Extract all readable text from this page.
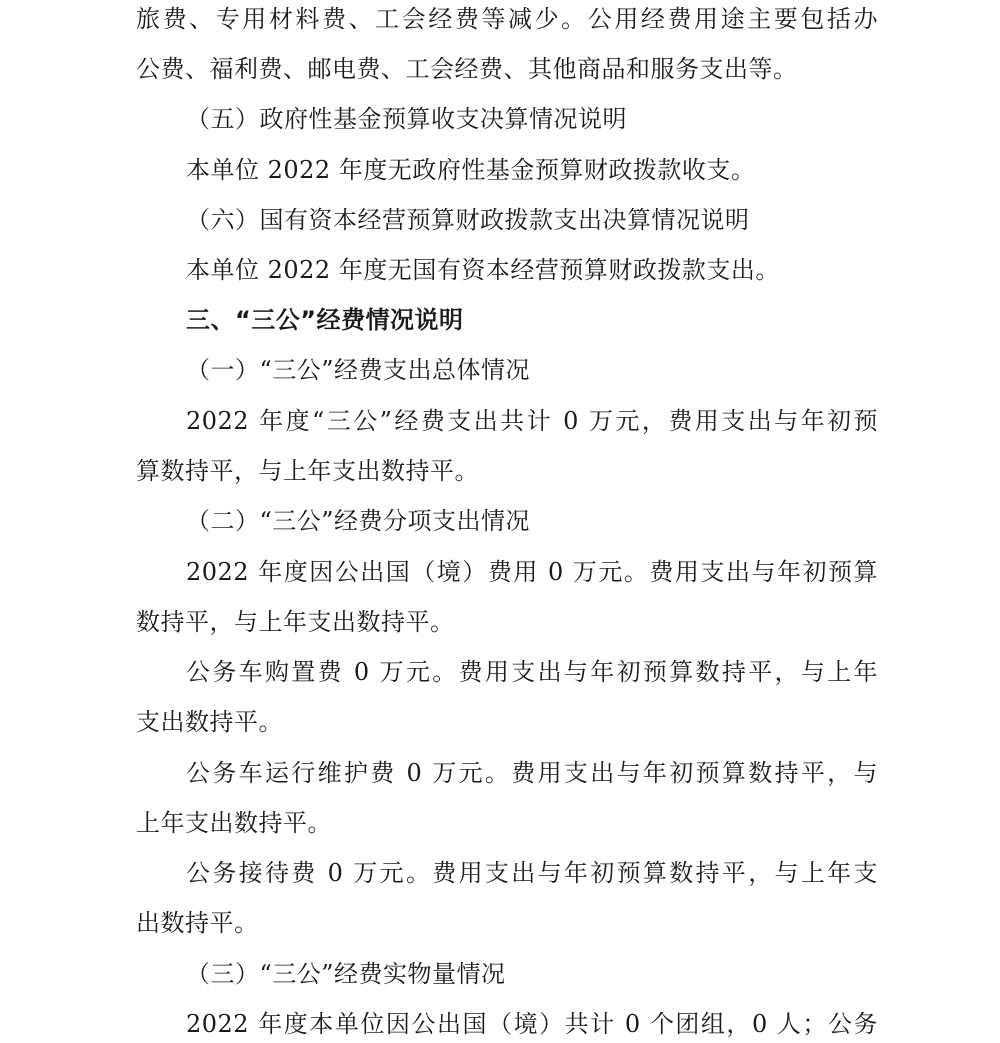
旅费、专用材料费、工会经费等减少。公用经费用途主要包括办
公费、福利费、邮电费、工会经费、其他商品和服务支出等。
（五）政府性基金预算收支决算情况说明
本单位 2022 年度无政府性基金预算财政拨款收支。
（六）国有资本经营预算财政拨款支出决算情况说明
本单位 2022 年度无国有资本经营预算财政拨款支出。
三、“三公”经费情况说明
（一）“三公”经费支出总体情况
2022 年度“三公”经费支出共计 0 万元，费用支出与年初预
算数持平，与上年支出数持平。
（二）“三公”经费分项支出情况
2022 年度因公出国（境）费用 0 万元。费用支出与年初预算
数持平，与上年支出数持平。
公务车购置费 0 万元。费用支出与年初预算数持平，与上年
支出数持平。
公务车运行维护费 0 万元。费用支出与年初预算数持平，与
上年支出数持平。
公务接待费 0 万元。费用支出与年初预算数持平，与上年支
出数持平。
（三）“三公”经费实物量情况
2022 年度本单位因公出国（境）共计 0 个团组，0 人；公务
